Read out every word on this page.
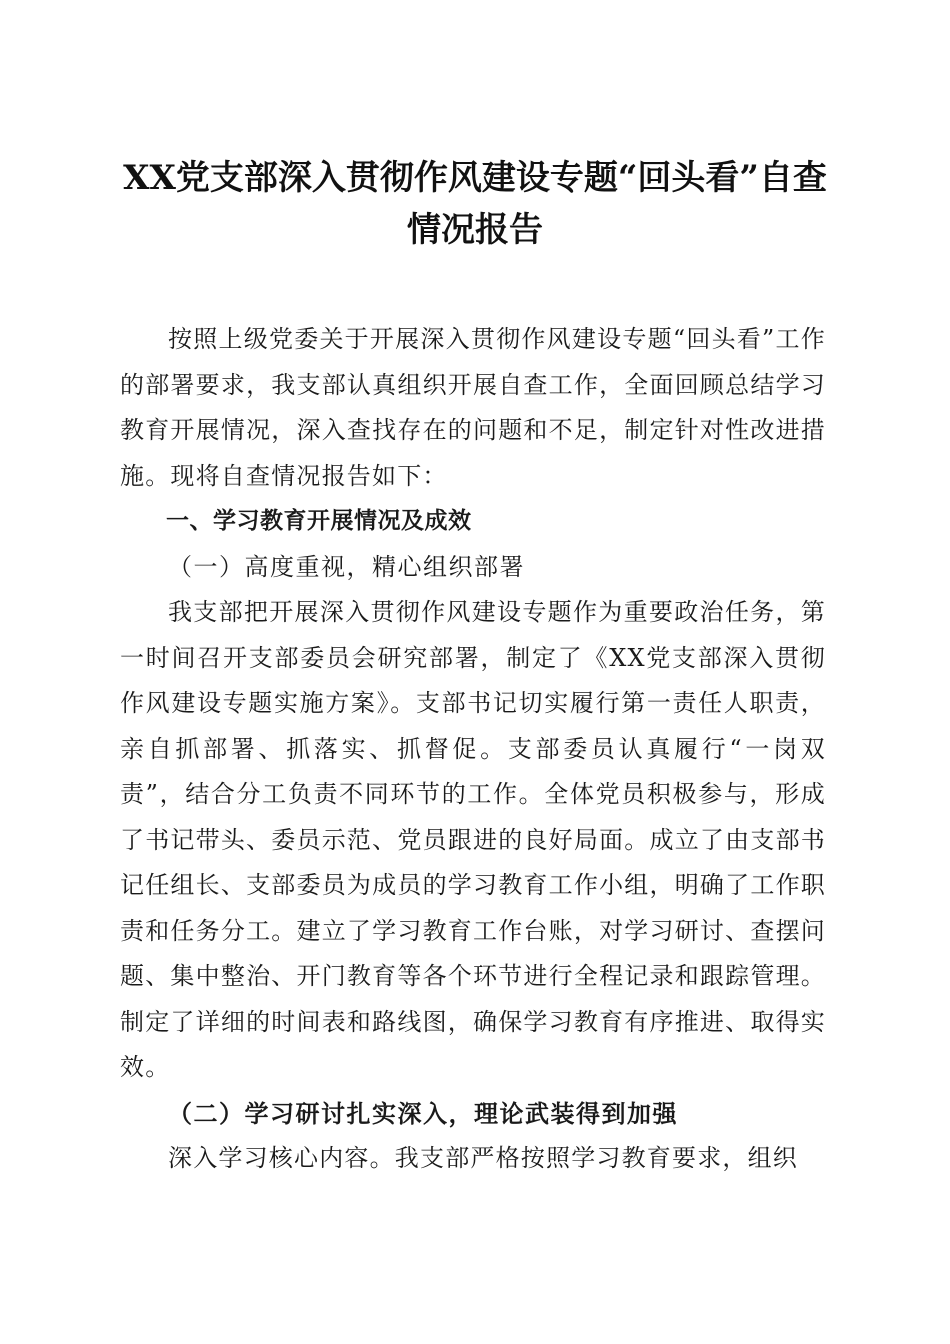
XX党支部深入贯彻作风建设专题“回头看”自查情况报告

按照上级党委关于开展深入贯彻作风建设专题“回头看”工作的部署要求，我支部认真组织开展自查工作，全面回顾总结学习教育开展情况，深入查找存在的问题和不足，制定针对性改进措施。现将自查情况报告如下：

一、学习教育开展情况及成效

（一）高度重视，精心组织部署

我支部把开展深入贯彻作风建设专题作为重要政治任务，第一时间召开支部委员会研究部署，制定了《XX党支部深入贯彻作风建设专题实施方案》。支部书记切实履行第一责任人职责，亲自抓部署、抓落实、抓督促。支部委员认真履行“一岗双责”，结合分工负责不同环节的工作。全体党员积极参与，形成了书记带头、委员示范、党员跟进的良好局面。成立了由支部书记任组长、支部委员为成员的学习教育工作小组，明确了工作职责和任务分工。建立了学习教育工作台账，对学习研讨、查摆问题、集中整治、开门教育等各个环节进行全程记录和跟踪管理。制定了详细的时间表和路线图，确保学习教育有序推进、取得实效。

（二）学习研讨扎实深入，理论武装得到加强

深入学习核心内容。我支部严格按照学习教育要求，组织
